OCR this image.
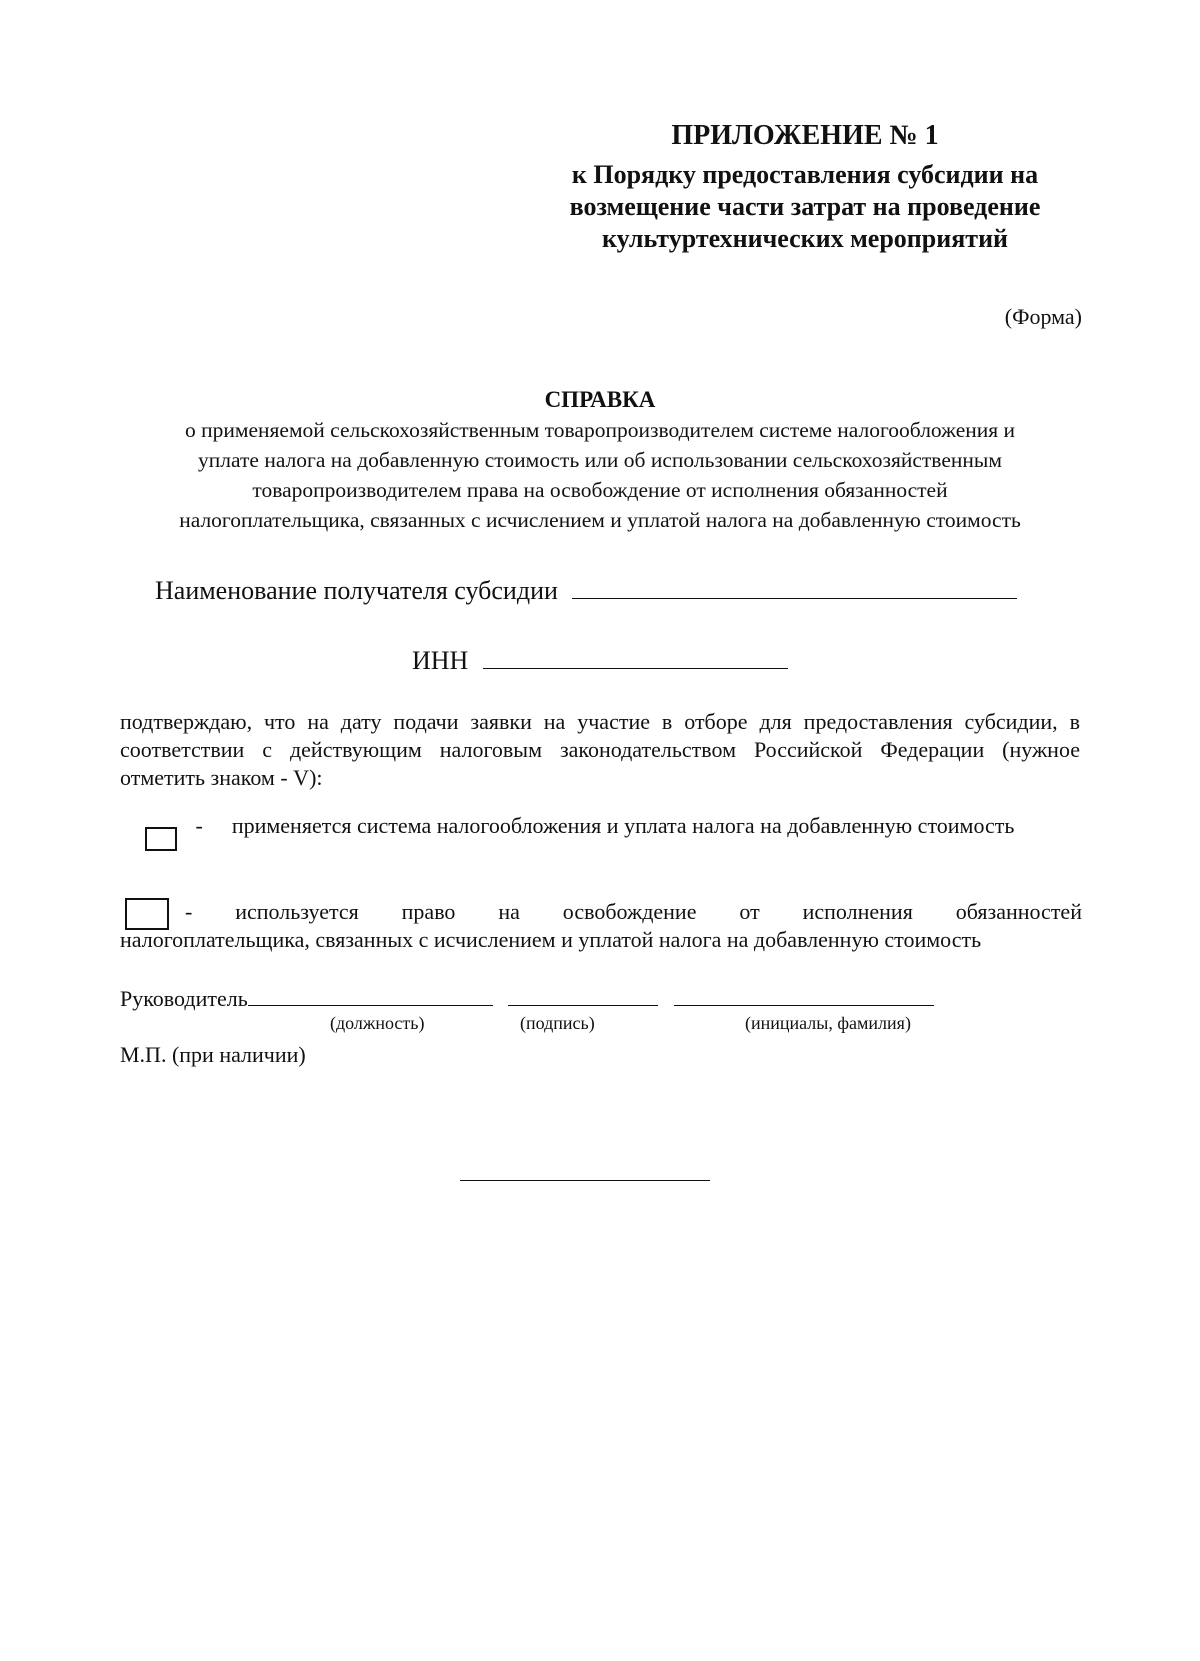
ПРИЛОЖЕНИЕ № 1
к Порядку предоставления субсидии на
возмещение части затрат на проведение
культуртехнических мероприятий
(Форма)
СПРАВКА
о применяемой сельскохозяйственным товаропроизводителем системе налогообложения и
уплате налога на добавленную стоимость или об использовании сельскохозяйственным
товаропроизводителем права на освобождение от исполнения обязанностей
налогоплательщика, связанных с исчислением и уплатой налога на добавленную стоимость
Наименование получателя субсидии
ИНН
подтверждаю, что на дату подачи заявки на участие в отборе для предоставления субсидии, в соответствии с действующим налоговым законодательством Российской Федерации (нужное отметить знаком - V):
- применяется система налогообложения и уплата налога на добавленную стоимость
- используется право на освобождение от исполнения обязанностей
налогоплательщика, связанных с исчислением и уплатой налога на добавленную стоимость
Руководитель
(должность)	(подпись)	(инициалы, фамилия)
М.П. (при наличии)
